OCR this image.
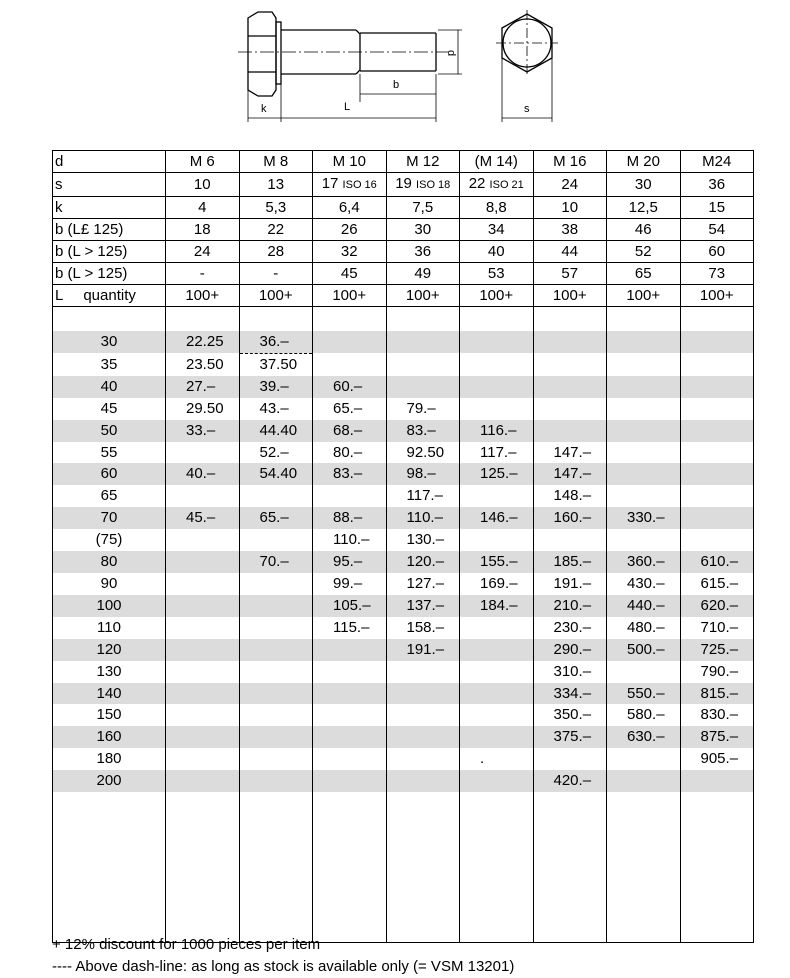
k	L
b
d
s
d	M 6	M 8	M 10	M 12	(M 14)	M 16	M 20	M24
s	10	13	17 ISO 16	19 ISO 18	22 ISO 21	24	30	36
k	4	5,3	6,4	7,5	8,8	10	12,5	15
b (L£ 125)	18	22	26	30	34	38	46	54
b (L > 125)	24	28	32	36	40	44	52	60
b (L > 125)	-	-	45	49	53	57	65	73
L quantity	100+	100+	100+	100+	100+	100+	100+	100+

30	22.25	36.–						
35	23.50	37.50						
40	27.–	39.–	60.–					
45	29.50	43.–	65.–	79.–				
50	33.–	44.40	68.–	83.–	116.–			
55		52.–	80.–	92.50	117.–	147.–		
60	40.–	54.40	83.–	98.–	125.–	147.–		
65				117.–		148.–		
70	45.–	65.–	88.–	110.–	146.–	160.–	330.–	
(75)			110.–	130.–				
80		70.–	95.–	120.–	155.–	185.–	360.–	610.–
90			99.–	127.–	169.–	191.–	430.–	615.–
100			105.–	137.–	184.–	210.–	440.–	620.–
110			115.–	158.–		230.–	480.–	710.–
120				191.–		290.–	500.–	725.–
130						310.–		790.–
140						334.–	550.–	815.–
150						350.–	580.–	830.–
160						375.–	630.–	875.–
180					.			905.–
200						420.–		

+ 12% discount for 1000 pieces per item
---- Above dash-line: as long as stock is available only (= VSM 13201)
